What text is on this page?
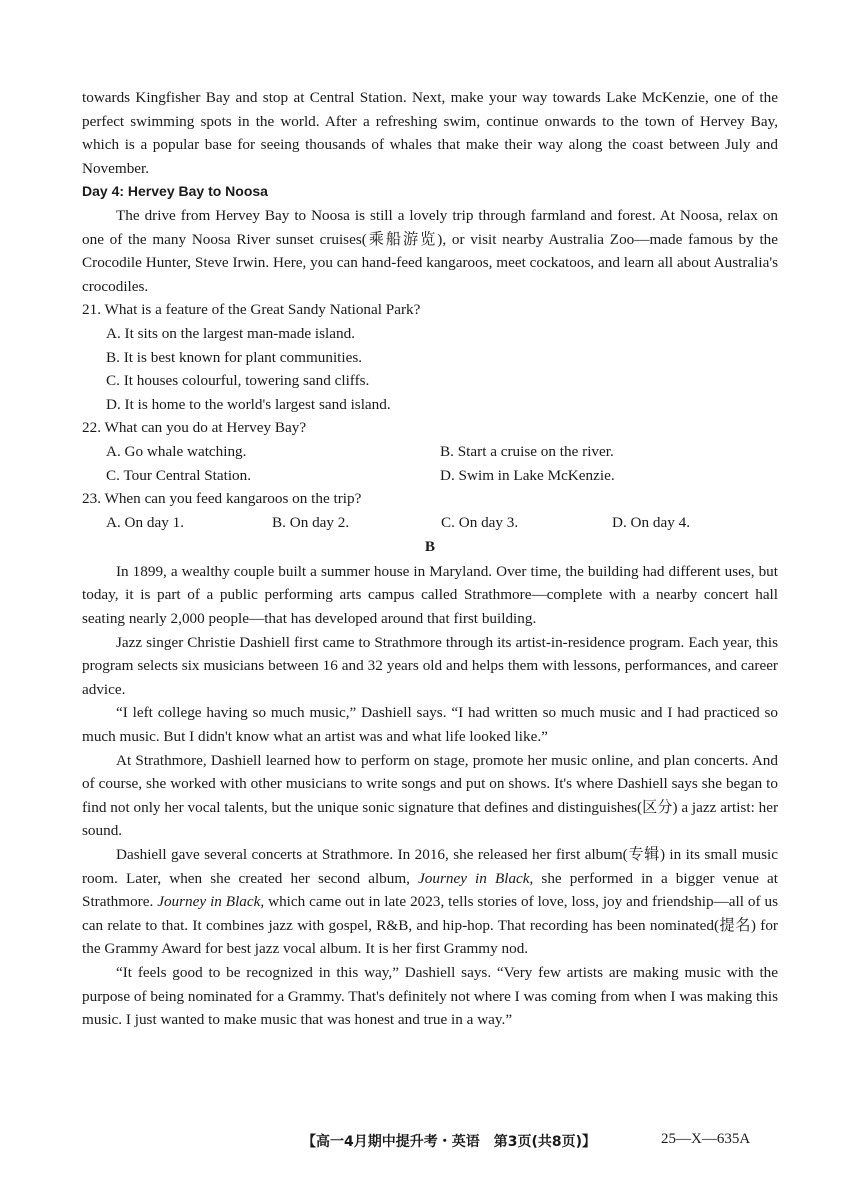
towards Kingfisher Bay and stop at Central Station. Next, make your way towards Lake McKenzie, one of the perfect swimming spots in the world. After a refreshing swim, continue onwards to the town of Hervey Bay, which is a popular base for seeing thousands of whales that make their way along the coast between July and November.

Day 4: Hervey Bay to Noosa

The drive from Hervey Bay to Noosa is still a lovely trip through farmland and forest. At Noosa, relax on one of the many Noosa River sunset cruises(乘船游览), or visit nearby Australia Zoo—made famous by the Crocodile Hunter, Steve Irwin. Here, you can hand-feed kangaroos, meet cockatoos, and learn all about Australia's crocodiles.

21. What is a feature of the Great Sandy National Park?

A. It sits on the largest man-made island.

B. It is best known for plant communities.

C. It houses colourful, towering sand cliffs.

D. It is home to the world's largest sand island.

22. What can you do at Hervey Bay?

A. Go whale watching.	B. Start a cruise on the river.
C. Tour Central Station.	D. Swim in Lake McKenzie.

23. When can you feed kangaroos on the trip?

A. On day 1.	B. On day 2.	C. On day 3.	D. On day 4.

B

In 1899, a wealthy couple built a summer house in Maryland. Over time, the building had different uses, but today, it is part of a public performing arts campus called Strathmore—complete with a nearby concert hall seating nearly 2,000 people—that has developed around that first building.

Jazz singer Christie Dashiell first came to Strathmore through its artist-in-residence program. Each year, this program selects six musicians between 16 and 32 years old and helps them with lessons, performances, and career advice.

“I left college having so much music,” Dashiell says. “I had written so much music and I had practiced so much music. But I didn't know what an artist was and what life looked like.”

At Strathmore, Dashiell learned how to perform on stage, promote her music online, and plan concerts. And of course, she worked with other musicians to write songs and put on shows. It's where Dashiell says she began to find not only her vocal talents, but the unique sonic signature that defines and distinguishes(区分) a jazz artist: her sound.

Dashiell gave several concerts at Strathmore. In 2016, she released her first album(专辑) in its small music room. Later, when she created her second album, Journey in Black, she performed in a bigger venue at Strathmore. Journey in Black, which came out in late 2023, tells stories of love, loss, joy and friendship—all of us can relate to that. It combines jazz with gospel, R&B, and hip-hop. That recording has been nominated(提名) for the Grammy Award for best jazz vocal album. It is her first Grammy nod.

“It feels good to be recognized in this way,” Dashiell says. “Very few artists are making music with the purpose of being nominated for a Grammy. That's definitely not where I was coming from when I was making this music. I just wanted to make music that was honest and true in a way.”

【高一4月期中提升考・英语　第3页(共8页)】	25—X—635A
